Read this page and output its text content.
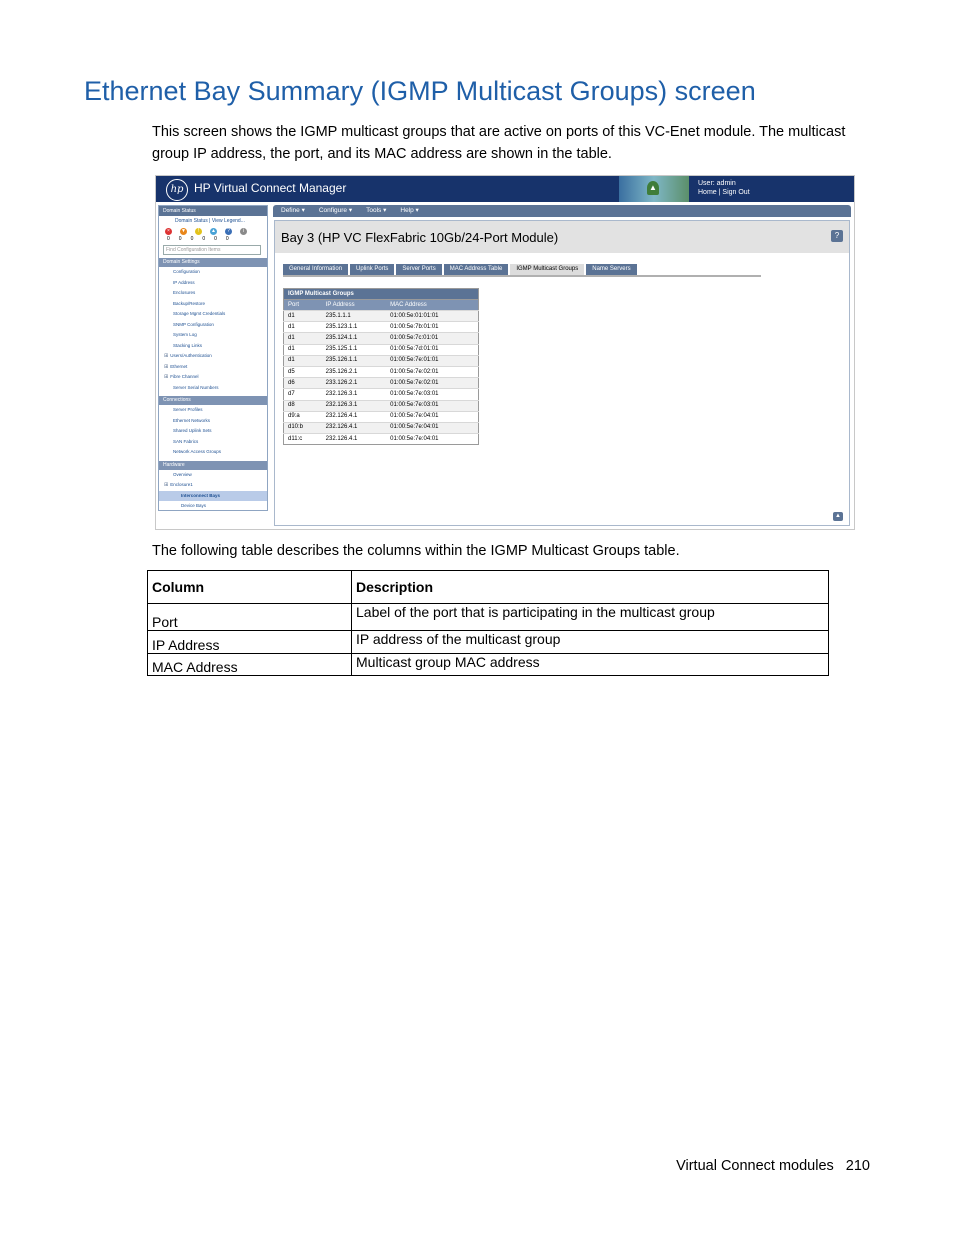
Ethernet Bay Summary (IGMP Multicast Groups) screen

This screen shows the IGMP multicast groups that are active on ports of this VC-Enet module. The multicast group IP address, the port, and its MAC address are shown in the table.

hp HP Virtual Connect Manager	▲	User: admin
Home | Sign Out
Domain Status
Domain Status | View Legend...
×	▼	!	▲	?	i
0 0 0 0 0 0
Find Configuration Items
Domain Settings
Configuration
IP Address
Enclosures
Backup/Restore
Storage Mgmt Credentials
SNMP Configuration
System Log
Stacking Links
⊞ Users/Authentication
⊞ Ethernet
⊞ Fibre Channel
Server Serial Numbers
Connections
Server Profiles
Ethernet Networks
Shared Uplink Sets
SAN Fabrics
Network Access Groups
Hardware
Overview
⊞ Enclosure1
Interconnect Bays
Device Bays
Define ▾ Configure ▾ Tools ▾ Help ▾
Bay 3 (HP VC FlexFabric 10Gb/24-Port Module)	?
General Information	Uplink Ports	Server Ports	MAC Address Table	IGMP Multicast Groups	Name Servers
IGMP Multicast Groups
Port	IP Address	MAC Address
d1	235.1.1.1	01:00:5e:01:01:01
d1	235.123.1.1	01:00:5e:7b:01:01
d1	235.124.1.1	01:00:5e:7c:01:01
d1	235.125.1.1	01:00:5e:7d:01:01
d1	235.126.1.1	01:00:5e:7e:01:01
d5	235.126.2.1	01:00:5e:7e:02:01
d6	233.126.2.1	01:00:5e:7e:02:01
d7	232.126.3.1	01:00:5e:7e:03:01
d8	232.126.3.1	01:00:5e:7e:03:01
d9:a	232.126.4.1	01:00:5e:7e:04:01
d10:b	232.126.4.1	01:00:5e:7e:04:01
d11:c	232.126.4.1	01:00:5e:7e:04:01
▲

The following table describes the columns within the IGMP Multicast Groups table.

Column	Description
Port	Label of the port that is participating in the multicast group
IP Address	IP address of the multicast group
MAC Address	Multicast group MAC address
Virtual Connect modules 210
